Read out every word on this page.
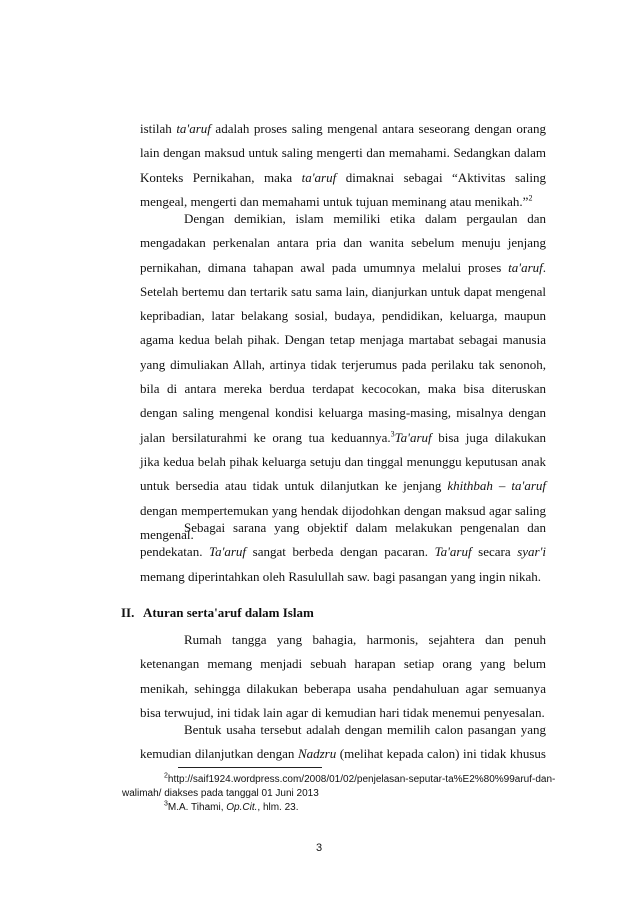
istilah ta'aruf adalah proses saling mengenal antara seseorang dengan orang
lain dengan maksud untuk saling mengerti dan memahami. Sedangkan dalam
Konteks Pernikahan, maka ta'aruf dimaknai sebagai “Aktivitas saling
mengeal, mengerti dan memahami untuk tujuan meminang atau menikah.”$^2$
Dengan demikian, islam memiliki etika dalam pergaulan dan
mengadakan perkenalan antara pria dan wanita sebelum menuju jenjang
pernikahan, dimana tahapan awal pada umumnya melalui proses ta'aruf.
Setelah bertemu dan tertarik satu sama lain, dianjurkan untuk dapat mengenal
kepribadian, latar belakang sosial, budaya, pendidikan, keluarga, maupun
agama kedua belah pihak. Dengan tetap menjaga martabat sebagai manusia
yang dimuliakan Allah, artinya tidak terjerumus pada perilaku tak senonoh,
bila di antara mereka berdua terdapat kecocokan, maka bisa diteruskan
dengan saling mengenal kondisi keluarga masing-masing, misalnya dengan
jalan bersilaturahmi ke orang tua keduannya.$^3$Ta'aruf bisa juga dilakukan
jika kedua belah pihak keluarga setuju dan tinggal menunggu keputusan anak
untuk bersedia atau tidak untuk dilanjutkan ke jenjang khithbah – ta'aruf
dengan mempertemukan yang hendak dijodohkan dengan maksud agar saling
mengenal.
Sebagai sarana yang objektif dalam melakukan pengenalan dan
pendekatan. Ta'aruf sangat berbeda dengan pacaran. Ta'aruf secara syar'i
memang diperintahkan oleh Rasulullah saw. bagi pasangan yang ingin nikah.
II. Aturan serta'aruf dalam Islam
Rumah tangga yang bahagia, harmonis, sejahtera dan penuh
ketenangan memang menjadi sebuah harapan setiap orang yang belum
menikah, sehingga dilakukan beberapa usaha pendahuluan agar semuanya
bisa terwujud, ini tidak lain agar di kemudian hari tidak menemui penyesalan.
Bentuk usaha tersebut adalah dengan memilih calon pasangan yang
kemudian dilanjutkan dengan Nadzru (melihat kepada calon) ini tidak khusus
$^2$http://saif1924.wordpress.com/2008/01/02/penjelasan-seputar-ta%E2%80%99aruf-dan-
walimah/ diakses pada tanggal 01 Juni 2013
$^3$M.A. Tihami, Op.Cit., hlm. 23.
3
